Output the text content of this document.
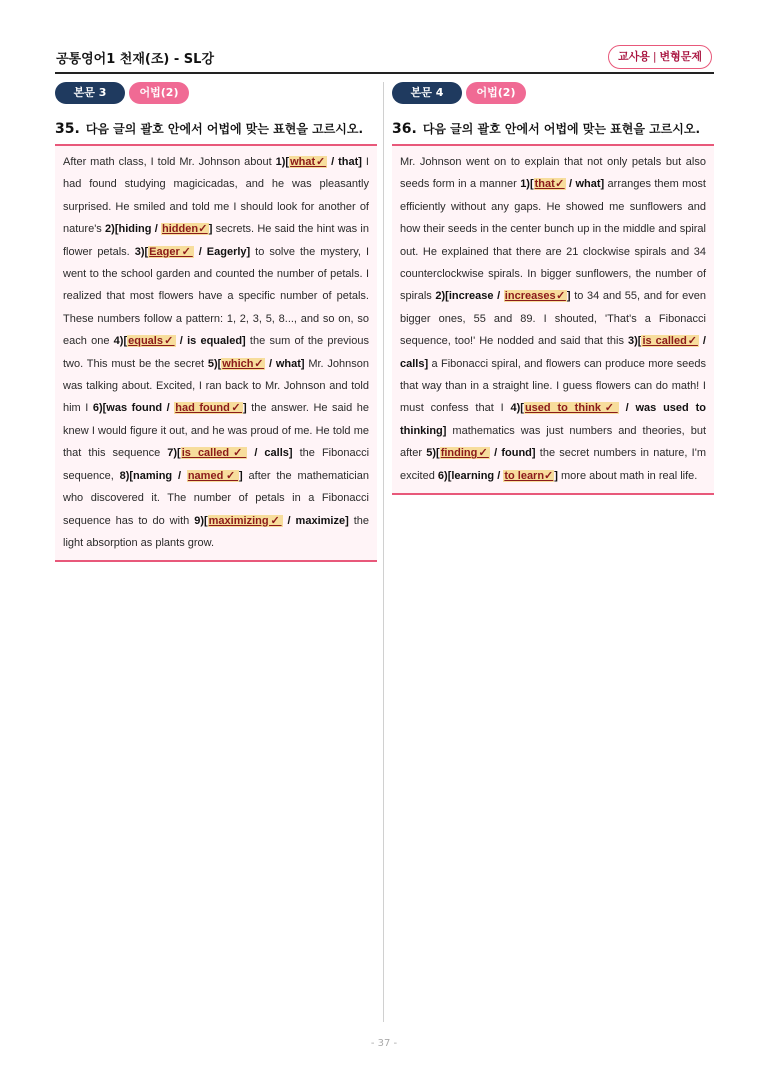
공통영어1 천재(조) - SL강	교사용 | 변형문제
본문 3	어법(2)
35. 다음 글의 괄호 안에서 어법에 맞는 표현을 고르시오.
After math class, I told Mr. Johnson about 1)[what✓ / that] I had found studying magicicadas, and he was pleasantly surprised. He smiled and told me I should look for another of nature's 2)[hiding / hidden✓] secrets. He said the hint was in flower petals. 3)[Eager✓ / Eagerly] to solve the mystery, I went to the school garden and counted the number of petals. I realized that most flowers have a specific number of petals. These numbers follow a pattern: 1, 2, 3, 5, 8..., and so on, so each one 4)[equals✓ / is equaled] the sum of the previous two. This must be the secret 5)[which✓ / what] Mr. Johnson was talking about. Excited, I ran back to Mr. Johnson and told him I 6)[was found / had found✓] the answer. He said he knew I would figure it out, and he was proud of me. He told me that this sequence 7)[is called✓ / calls] the Fibonacci sequence, 8)[naming / named✓] after the mathematician who discovered it. The number of petals in a Fibonacci sequence has to do with 9)[maximizing✓ / maximize] the light absorption as plants grow.
본문 4	어법(2)
36. 다음 글의 괄호 안에서 어법에 맞는 표현을 고르시오.
Mr. Johnson went on to explain that not only petals but also seeds form in a manner 1)[that✓ / what] arranges them most efficiently without any gaps. He showed me sunflowers and how their seeds in the center bunch up in the middle and spiral out. He explained that there are 21 clockwise spirals and 34 counterclockwise spirals. In bigger sunflowers, the number of spirals 2)[increase / increases✓] to 34 and 55, and for even bigger ones, 55 and 89. I shouted, 'That's a Fibonacci sequence, too!' He nodded and said that this 3)[is called✓ / calls] a Fibonacci spiral, and flowers can produce more seeds that way than in a straight line. I guess flowers can do math! I must confess that I 4)[used to think✓ / was used to thinking] mathematics was just numbers and theories, but after 5)[finding✓ / found] the secret numbers in nature, I'm excited 6)[learning / to learn✓] more about math in real life.
- 37 -
